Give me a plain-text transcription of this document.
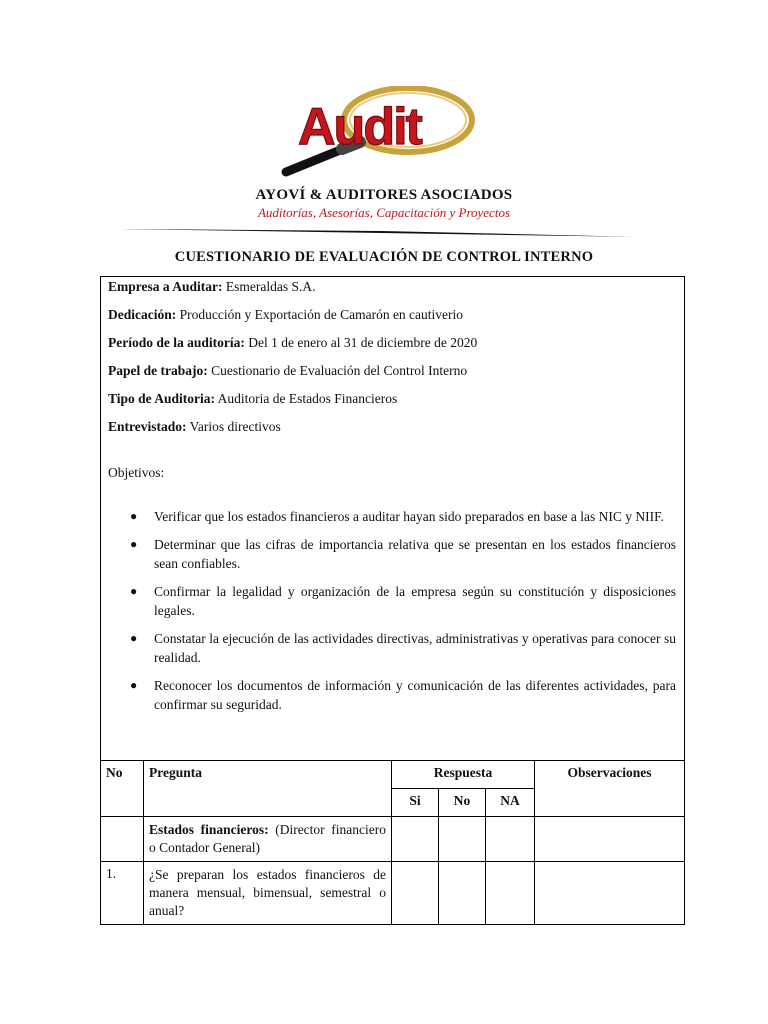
Audit
AYOVÍ & AUDITORES ASOCIADOS
Auditorías, Asesorías, Capacitación y Proyectos
CUESTIONARIO DE EVALUACIÓN DE CONTROL INTERNO

Empresa a Auditar: Esmeraldas S.A.

Dedicación: Producción y Exportación de Camarón en cautiverio

Período de la auditoría: Del 1 de enero al 31 de diciembre de 2020

Papel de trabajo: Cuestionario de Evaluación del Control Interno

Tipo de Auditoria: Auditoria de Estados Financieros

Entrevistado: Varios directivos

Objetivos:

● Verificar que los estados financieros a auditar hayan sido preparados en base a las NIC y NIIF.
● Determinar que las cifras de importancia relativa que se presentan en los estados financieros sean confiables.
● Confirmar la legalidad y organización de la empresa según su constitución y disposiciones legales.
● Constatar la ejecución de las actividades directivas, administrativas y operativas para conocer su realidad.
● Reconocer los documentos de información y comunicación de las diferentes actividades, para confirmar su seguridad.
No	Pregunta	Respuesta			Observaciones
		Si	No	NA	
	Estados financieros: (Director financiero o Contador General)				
1.	¿Se preparan los estados financieros de manera mensual, bimensual, semestral o anual?				
